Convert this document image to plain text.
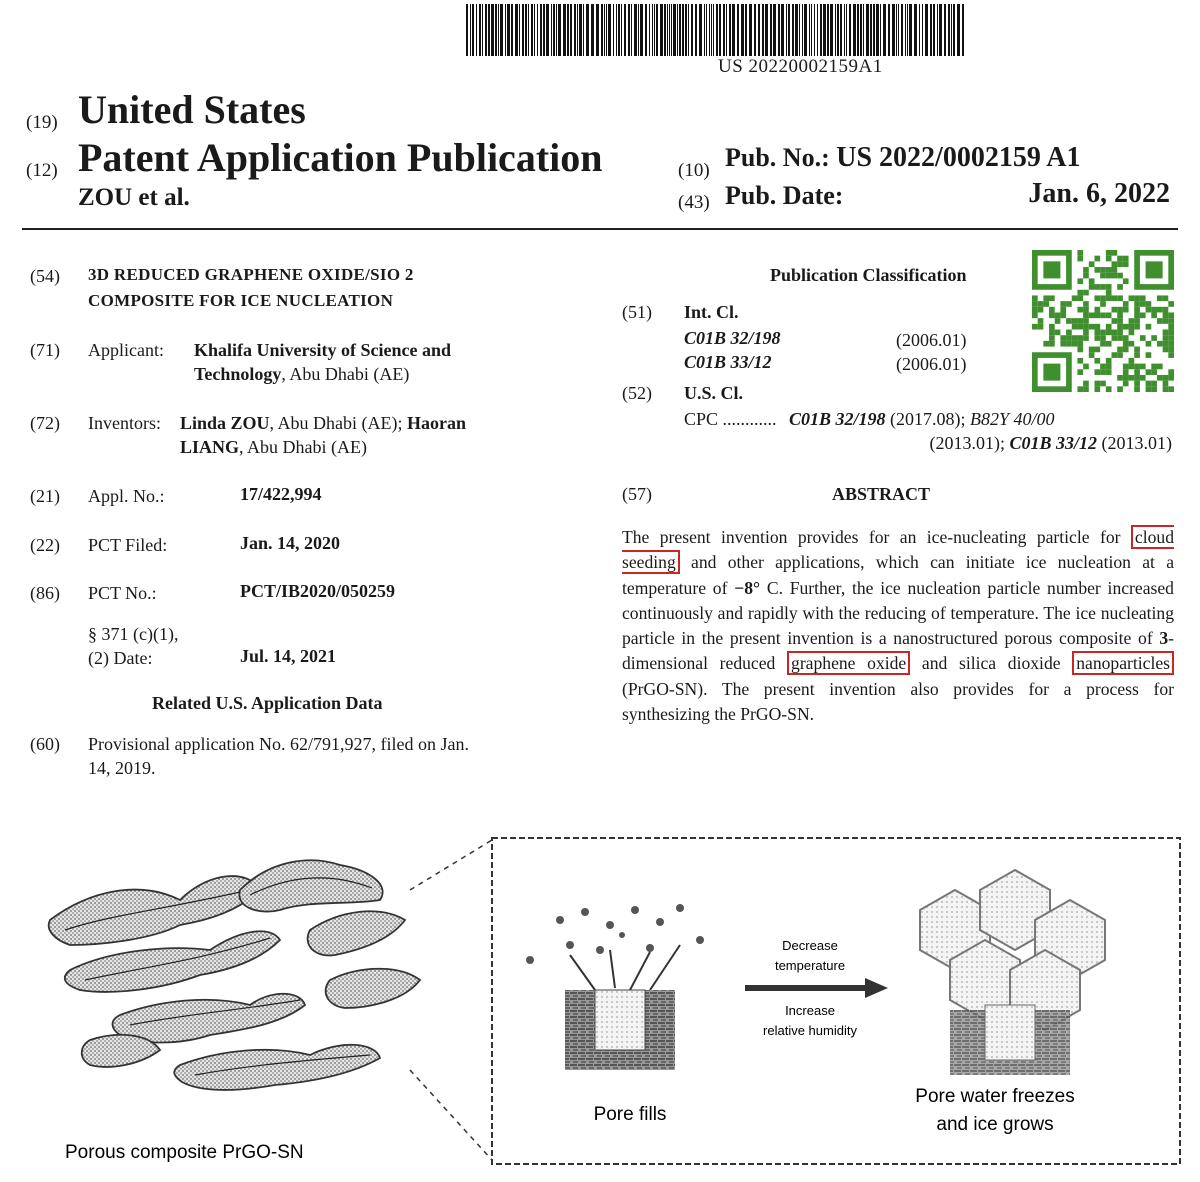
US 20220002159A1
(19) United States
(12) Patent Application Publication
ZOU et al.
(10) Pub. No.: US 2022/0002159 A1
(43) Pub. Date:	Jan. 6, 2022
(54) 3D REDUCED GRAPHENE OXIDE/SIO 2
COMPOSITE FOR ICE NUCLEATION
(71) Applicant: Khalifa University of Science and
Technology, Abu Dhabi (AE)
(72) Inventors: Linda ZOU, Abu Dhabi (AE); Haoran
LIANG, Abu Dhabi (AE)
(21) Appl. No.:	17/422,994
(22) PCT Filed:	Jan. 14, 2020
(86) PCT No.:	PCT/IB2020/050259
§ 371 (c)(1),
(2) Date:	Jul. 14, 2021
Related U.S. Application Data
(60) Provisional application No. 62/791,927, filed on Jan.
14, 2019.
Publication Classification
(51) Int. Cl.
C01B 32/198	(2006.01)
C01B 33/12	(2006.01)
(52) U.S. Cl.
CPC ............ C01B 32/198 (2017.08); B82Y 40/00
(2013.01); C01B 33/12 (2013.01)
(57)	ABSTRACT
The present invention provides for an ice-nucleating particle for cloud seeding and other applications, which can initiate ice nucleation at a temperature of −8° C. Further, the ice nucleation particle number increased continuously and rapidly with the reducing of temperature. The ice nucleating particle in the present invention is a nanostructured porous composite of 3-dimensional reduced graphene oxide and silica dioxide nanoparticles (PrGO-SN). The present invention also provides for a process for synthesizing the PrGO-SN.
Decrease
temperature
Increase
relative humidity
Porous composite PrGO-SN
Pore fills
Pore water freezes
and ice grows
